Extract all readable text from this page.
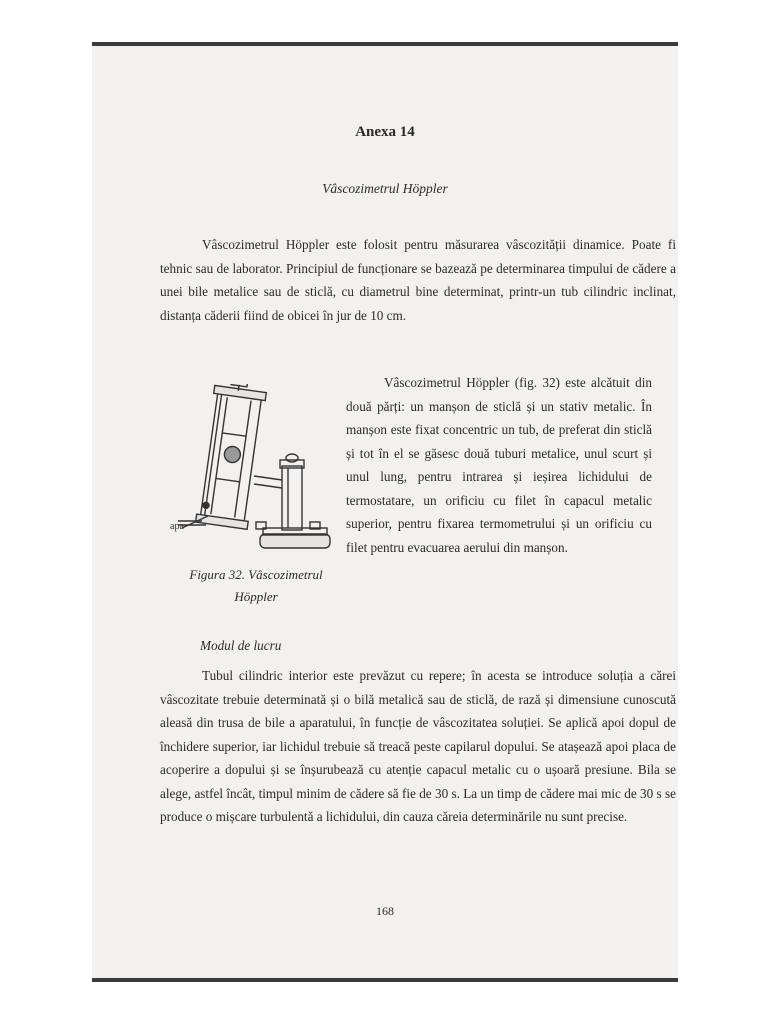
Anexa 14
Vâscozimetrul Höppler

Vâscozimetrul Höppler este folosit pentru măsurarea vâscozității dinamice. Poate fi tehnic sau de laborator. Principiul de funcționare se bazează pe determinarea timpului de cădere a unei bile metalice sau de sticlă, cu diametrul bine determinat, printr-un tub cilindric inclinat, distanța căderii fiind de obicei în jur de 10 cm.

apa
Figura 32. Vâscozimetrul
Höppler

Vâscozimetrul Höppler (fig. 32) este alcătuit din două părți: un manșon de sticlă și un stativ metalic. În manșon este fixat concentric un tub, de preferat din sticlă și tot în el se găsesc două tuburi metalice, unul scurt și unul lung, pentru intrarea și ieșirea lichidului de termostatare, un orificiu cu filet în capacul metalic superior, pentru fixarea termometrului și un orificiu cu filet pentru evacuarea aerului din manșon.

Modul de lucru

Tubul cilindric interior este prevăzut cu repere; în acesta se introduce soluția a cărei vâscozitate trebuie determinată și o bilă metalică sau de sticlă, de rază și dimensiune cunoscută aleasă din trusa de bile a aparatului, în funcție de vâscozitatea soluției. Se aplică apoi dopul de închidere superior, iar lichidul trebuie să treacă peste capilarul dopului. Se atașează apoi placa de acoperire a dopului și se înșurubează cu atenție capacul metalic cu o ușoară presiune. Bila se alege, astfel încât, timpul minim de cădere să fie de 30 s. La un timp de cădere mai mic de 30 s se produce o mișcare turbulentă a lichidului, din cauza căreia determinările nu sunt precise.

168
